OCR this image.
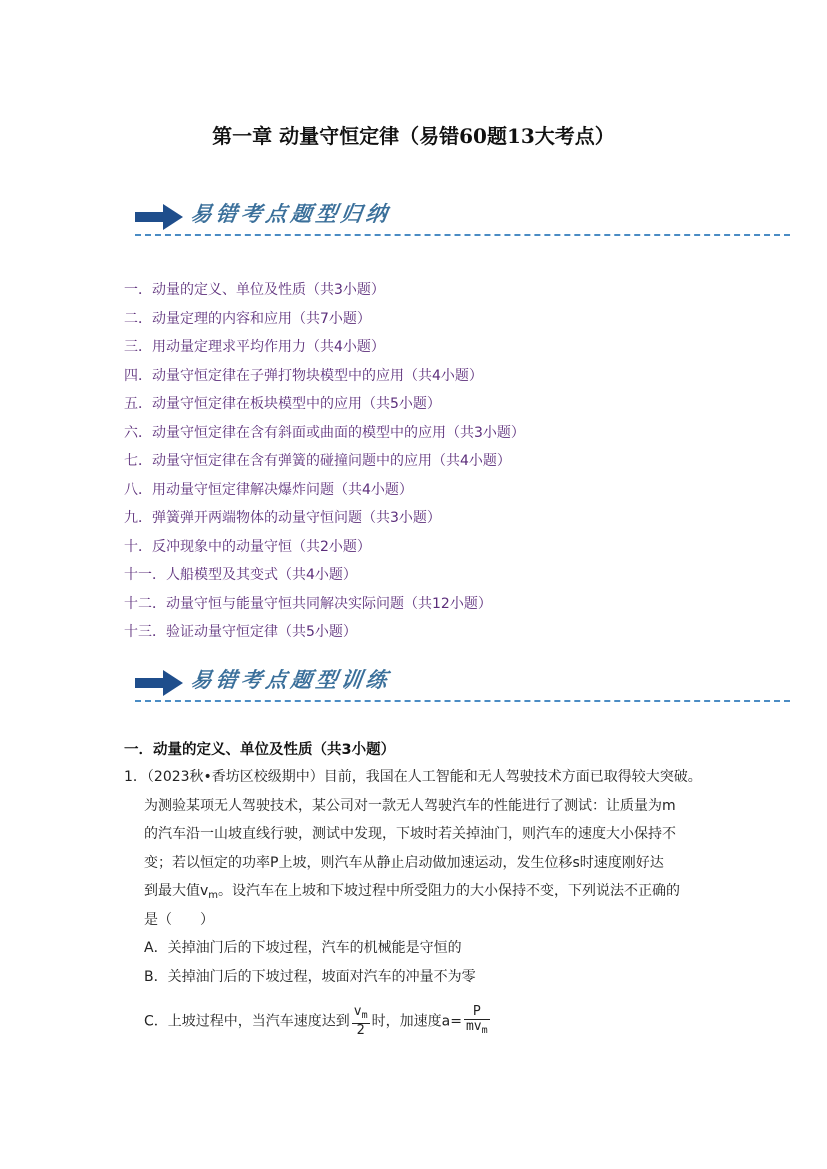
第一章 动量守恒定律（易错60题13大考点）
易错考点题型归纳
一．动量的定义、单位及性质（共3小题）
二．动量定理的内容和应用（共7小题）
三．用动量定理求平均作用力（共4小题）
四．动量守恒定律在子弹打物块模型中的应用（共4小题）
五．动量守恒定律在板块模型中的应用（共5小题）
六．动量守恒定律在含有斜面或曲面的模型中的应用（共3小题）
七．动量守恒定律在含有弹簧的碰撞问题中的应用（共4小题）
八．用动量守恒定律解决爆炸问题（共4小题）
九．弹簧弹开两端物体的动量守恒问题（共3小题）
十．反冲现象中的动量守恒（共2小题）
十一．人船模型及其变式（共4小题）
十二．动量守恒与能量守恒共同解决实际问题（共12小题）
十三．验证动量守恒定律（共5小题）
易错考点题型训练
一．动量的定义、单位及性质（共3小题）

1．（2023秋•香坊区校级期中）目前，我国在人工智能和无人驾驶技术方面已取得较大突破。

为测验某项无人驾驶技术，某公司对一款无人驾驶汽车的性能进行了测试：让质量为m

的汽车沿一山坡直线行驶，测试中发现，下坡时若关掉油门，则汽车的速度大小保持不

变；若以恒定的功率P上坡，则汽车从静止启动做加速运动，发生位移s时速度刚好达

到最大值$v_m$。设汽车在上坡和下坡过程中所受阻力的大小保持不变，下列说法不正确的

是（　　）

A．关掉油门后的下坡过程，汽车的机械能是守恒的

B．关掉油门后的下坡过程，坡面对汽车的冲量不为零

C．上坡过程中，当汽车速度达到 $\frac{v_m}{2}$ 时，加速度$a= \frac{P}{mv_m}$
